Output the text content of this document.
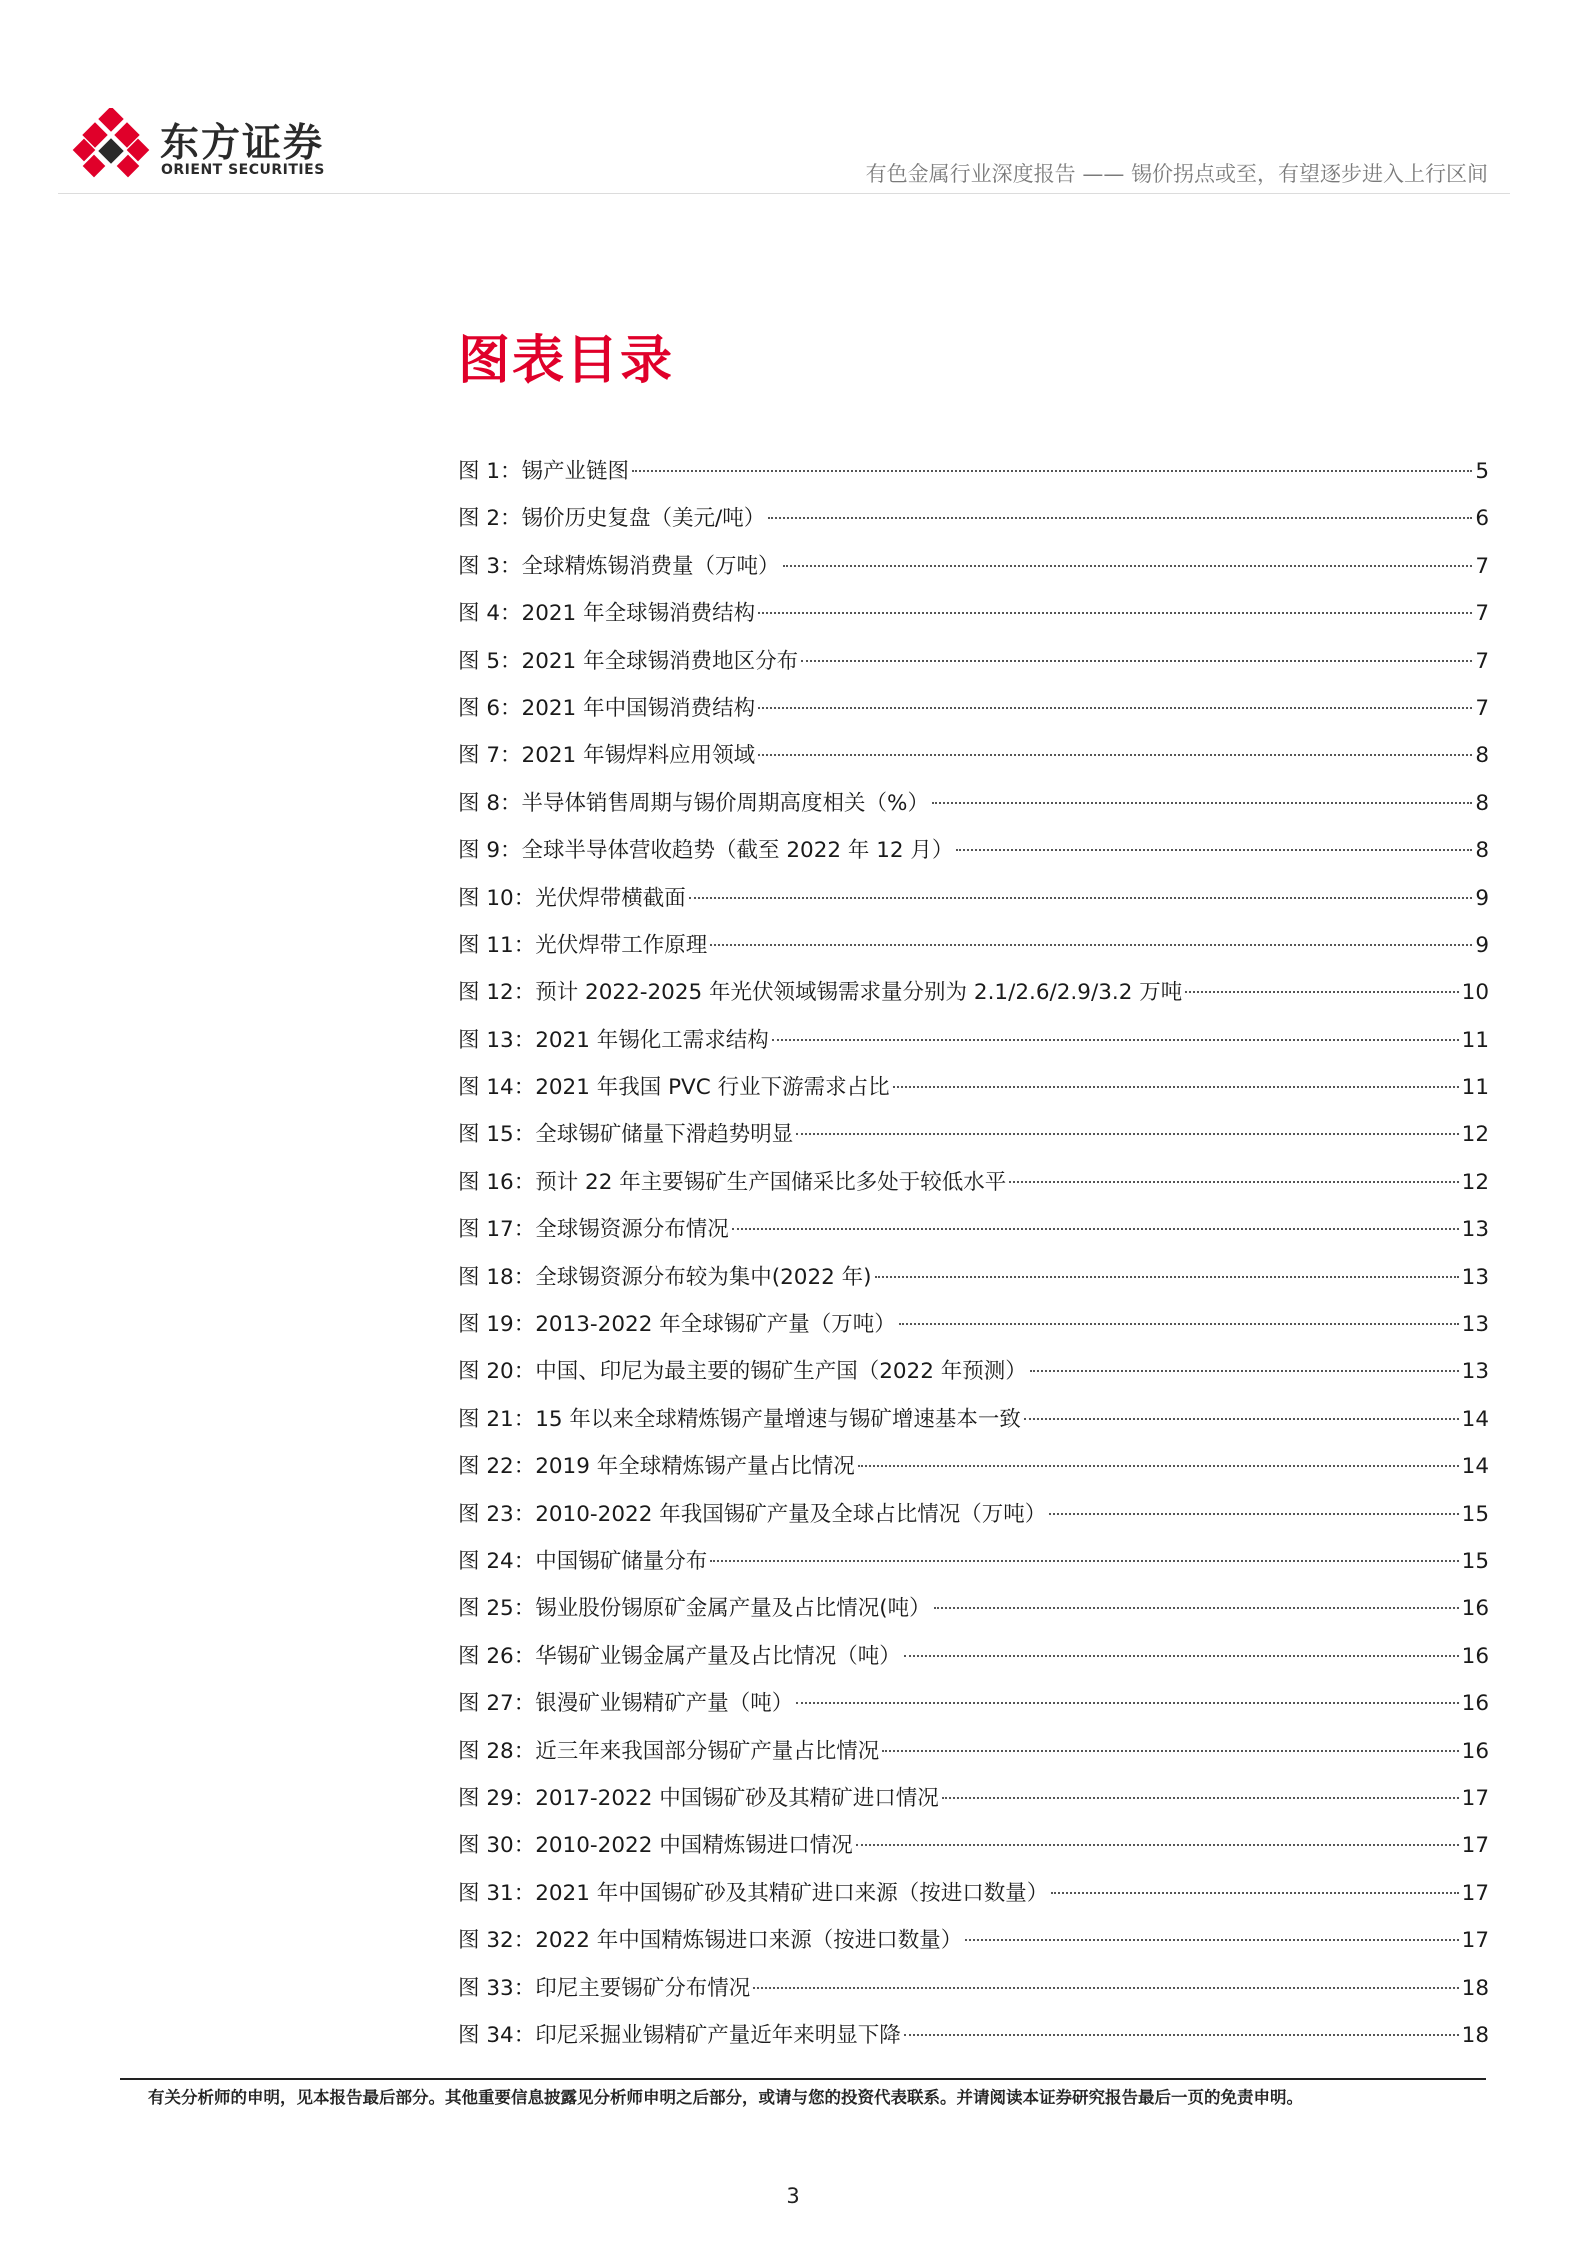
东方证券
ORIENT SECURITIES	有色金属行业深度报告 —— 锡价拐点或至，有望逐步进入上行区间
图表目录
图 1：锡产业链图	5
图 2：锡价历史复盘（美元/吨）	6
图 3：全球精炼锡消费量（万吨）	7
图 4：2021 年全球锡消费结构	7
图 5：2021 年全球锡消费地区分布	7
图 6：2021 年中国锡消费结构	7
图 7：2021 年锡焊料应用领域	8
图 8：半导体销售周期与锡价周期高度相关（%）	8
图 9：全球半导体营收趋势（截至 2022 年 12 月）	8
图 10：光伏焊带横截面	9
图 11：光伏焊带工作原理	9
图 12：预计 2022-2025 年光伏领域锡需求量分别为 2.1/2.6/2.9/3.2 万吨	10
图 13：2021 年锡化工需求结构	11
图 14：2021 年我国 PVC 行业下游需求占比	11
图 15：全球锡矿储量下滑趋势明显	12
图 16：预计 22 年主要锡矿生产国储采比多处于较低水平	12
图 17：全球锡资源分布情况	13
图 18：全球锡资源分布较为集中(2022 年)	13
图 19：2013-2022 年全球锡矿产量（万吨）	13
图 20：中国、印尼为最主要的锡矿生产国（2022 年预测）	13
图 21：15 年以来全球精炼锡产量增速与锡矿增速基本一致	14
图 22：2019 年全球精炼锡产量占比情况	14
图 23：2010-2022 年我国锡矿产量及全球占比情况（万吨）	15
图 24：中国锡矿储量分布	15
图 25：锡业股份锡原矿金属产量及占比情况(吨）	16
图 26：华锡矿业锡金属产量及占比情况（吨）	16
图 27：银漫矿业锡精矿产量（吨）	16
图 28：近三年来我国部分锡矿产量占比情况	16
图 29：2017-2022 中国锡矿砂及其精矿进口情况	17
图 30：2010-2022 中国精炼锡进口情况	17
图 31：2021 年中国锡矿砂及其精矿进口来源（按进口数量）	17
图 32：2022 年中国精炼锡进口来源（按进口数量）	17
图 33：印尼主要锡矿分布情况	18
图 34：印尼采掘业锡精矿产量近年来明显下降	18
有关分析师的申明，见本报告最后部分。其他重要信息披露见分析师申明之后部分，或请与您的投资代表联系。并请阅读本证券研究报告最后一页的免责申明。
3
